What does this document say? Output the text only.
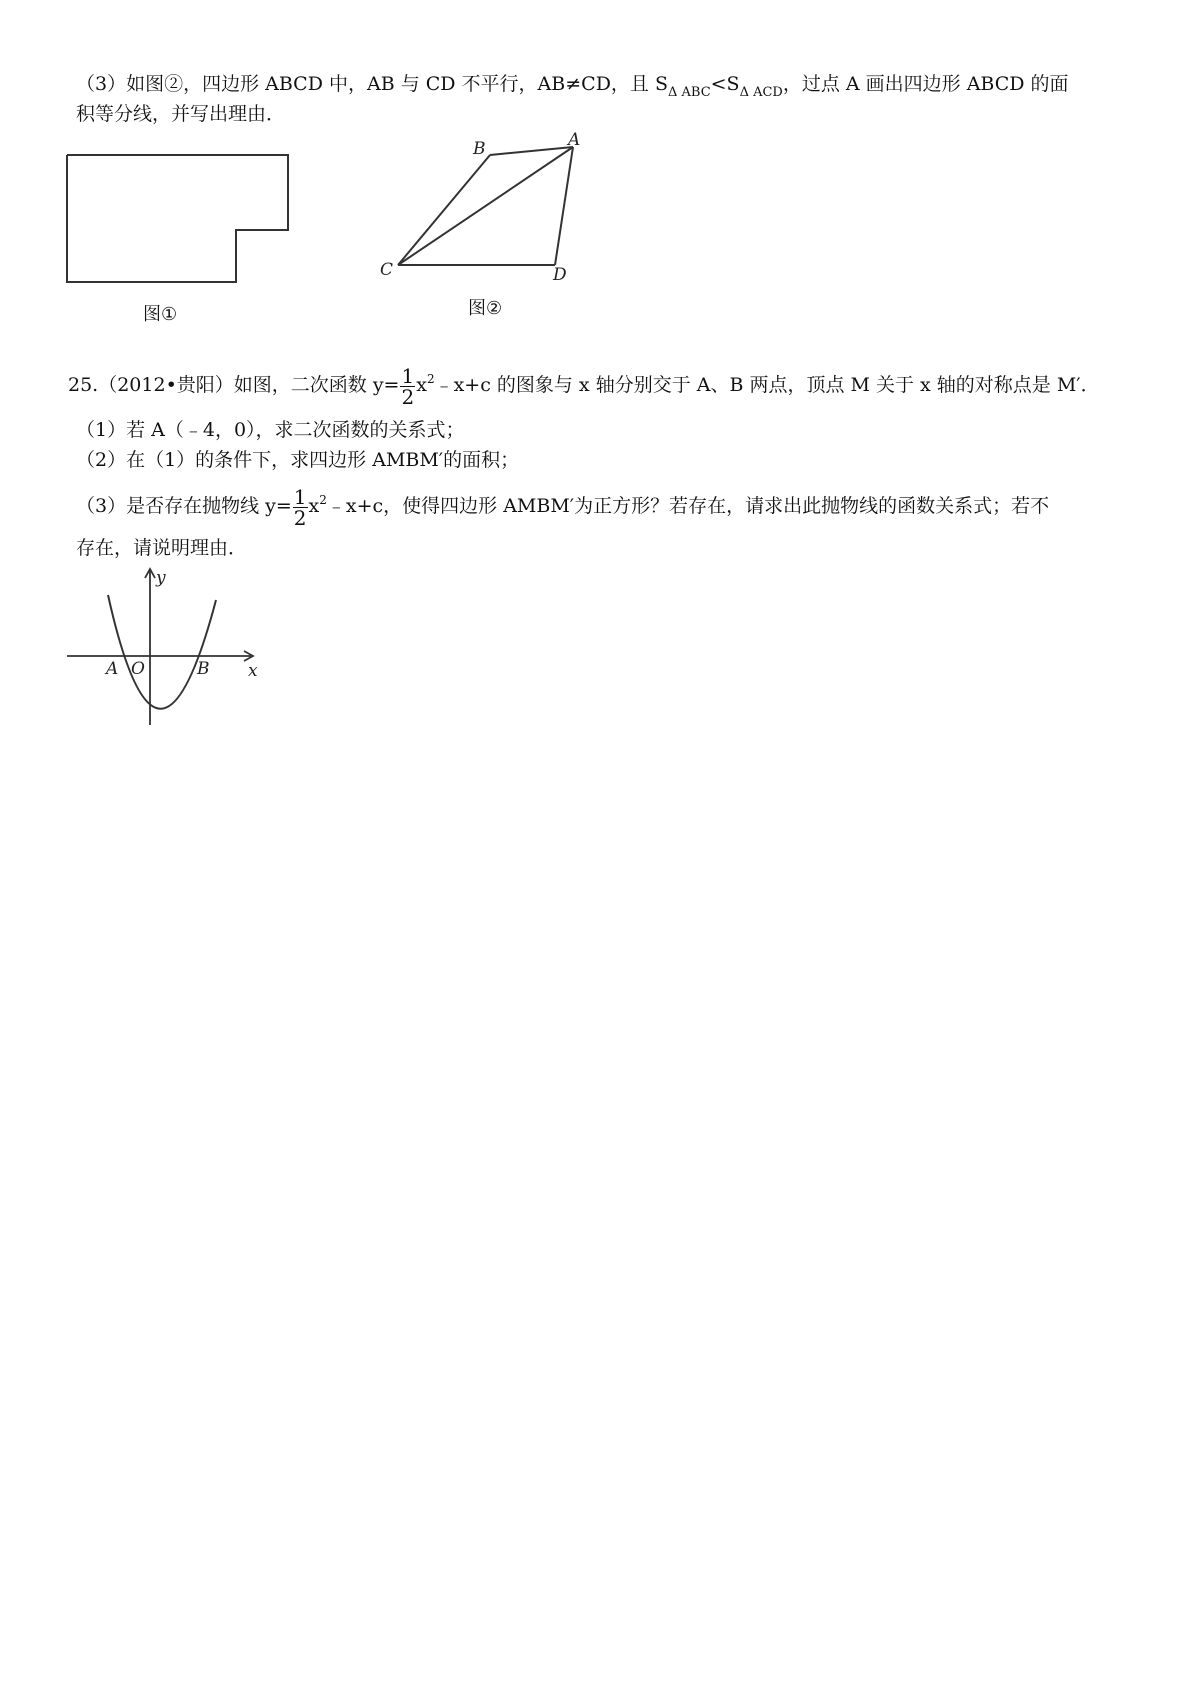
（3）如图②，四边形 ABCD 中，AB 与 CD 不平行，AB≠CD，且 $S_{\Delta ABC}<S_{\Delta ACD}$，过点 A 画出四边形 ABCD 的面
积等分线，并写出理由．
图①
B	A
C	D
图②
25.（2012•贵阳）如图，二次函数 $y= \frac{1}{2}$ $x^2﹣x+c$ 的图象与 x 轴分别交于 A、B 两点，顶点 M 关于 x 轴的对称点是 M′．
（1）若 A（﹣4，0），求二次函数的关系式；
（2）在（1）的条件下，求四边形 AMBM′的面积；
（3）是否存在抛物线 $y= \frac{1}{2}$ $x^2﹣x+c$，使得四边形 AMBM′为正方形？若存在，请求出此抛物线的函数关系式；若不
存在，请说明理由．
y
x
A O	B
